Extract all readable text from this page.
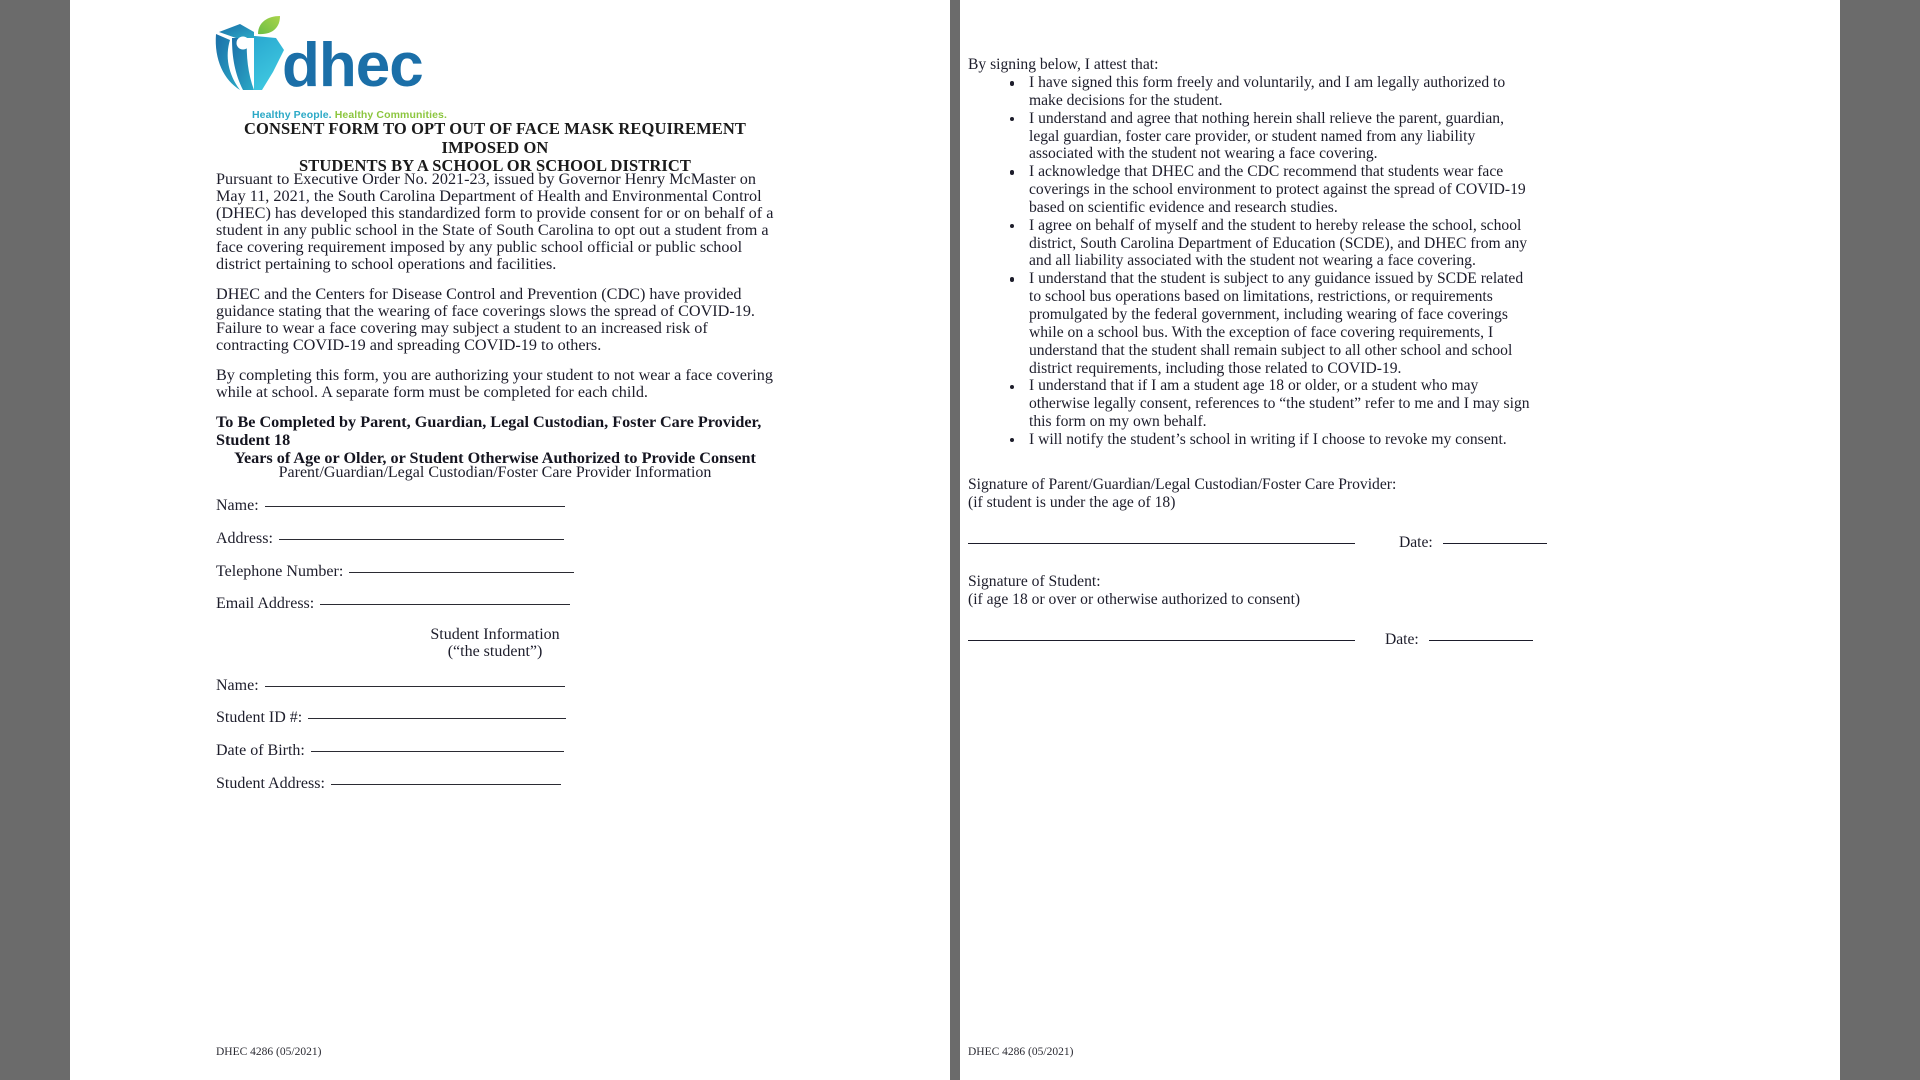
dhec
Healthy People. Healthy Communities.
CONSENT FORM TO OPT OUT OF FACE MASK REQUIREMENT IMPOSED ON
STUDENTS BY A SCHOOL OR SCHOOL DISTRICT
Pursuant to Executive Order No. 2021-23, issued by Governor Henry McMaster on May 11, 2021, the South Carolina Department of Health and Environmental Control (DHEC) has developed this standardized form to provide consent for or on behalf of a student in any public school in the State of South Carolina to opt out a student from a face covering requirement imposed by any public school official or public school district pertaining to school operations and facilities.
DHEC and the Centers for Disease Control and Prevention (CDC) have provided guidance stating that the wearing of face coverings slows the spread of COVID-19. Failure to wear a face covering may subject a student to an increased risk of contracting COVID-19 and spreading COVID-19 to others.
By completing this form, you are authorizing your student to not wear a face covering while at school. A separate form must be completed for each child.
To Be Completed by Parent, Guardian, Legal Custodian, Foster Care Provider, Student 18
Years of Age or Older, or Student Otherwise Authorized to Provide Consent
Parent/Guardian/Legal Custodian/Foster Care Provider Information
Name:
Address:
Telephone Number:
Email Address:
Student Information
(“the student”)
Name:
Student ID #:
Date of Birth:
Student Address:
DHEC 4286 (05/2021)
By signing below, I attest that:
I have signed this form freely and voluntarily, and I am legally authorized to make decisions for the student.
I understand and agree that nothing herein shall relieve the parent, guardian, legal guardian, foster care provider, or student named from any liability associated with the student not wearing a face covering.
I acknowledge that DHEC and the CDC recommend that students wear face coverings in the school environment to protect against the spread of COVID-19 based on scientific evidence and research studies.
I agree on behalf of myself and the student to hereby release the school, school district, South Carolina Department of Education (SCDE), and DHEC from any and all liability associated with the student not wearing a face covering.
I understand that the student is subject to any guidance issued by SCDE related to school bus operations based on limitations, restrictions, or requirements promulgated by the federal government, including wearing of face coverings while on a school bus. With the exception of face covering requirements, I understand that the student shall remain subject to all other school and school district requirements, including those related to COVID-19.
I understand that if I am a student age 18 or older, or a student who may otherwise legally consent, references to “the student” refer to me and I may sign this form on my own behalf.
I will notify the student’s school in writing if I choose to revoke my consent.
Signature of Parent/Guardian/Legal Custodian/Foster Care Provider:
(if student is under the age of 18)
Date:
Signature of Student:
(if age 18 or over or otherwise authorized to consent)
Date:
DHEC 4286 (05/2021)
